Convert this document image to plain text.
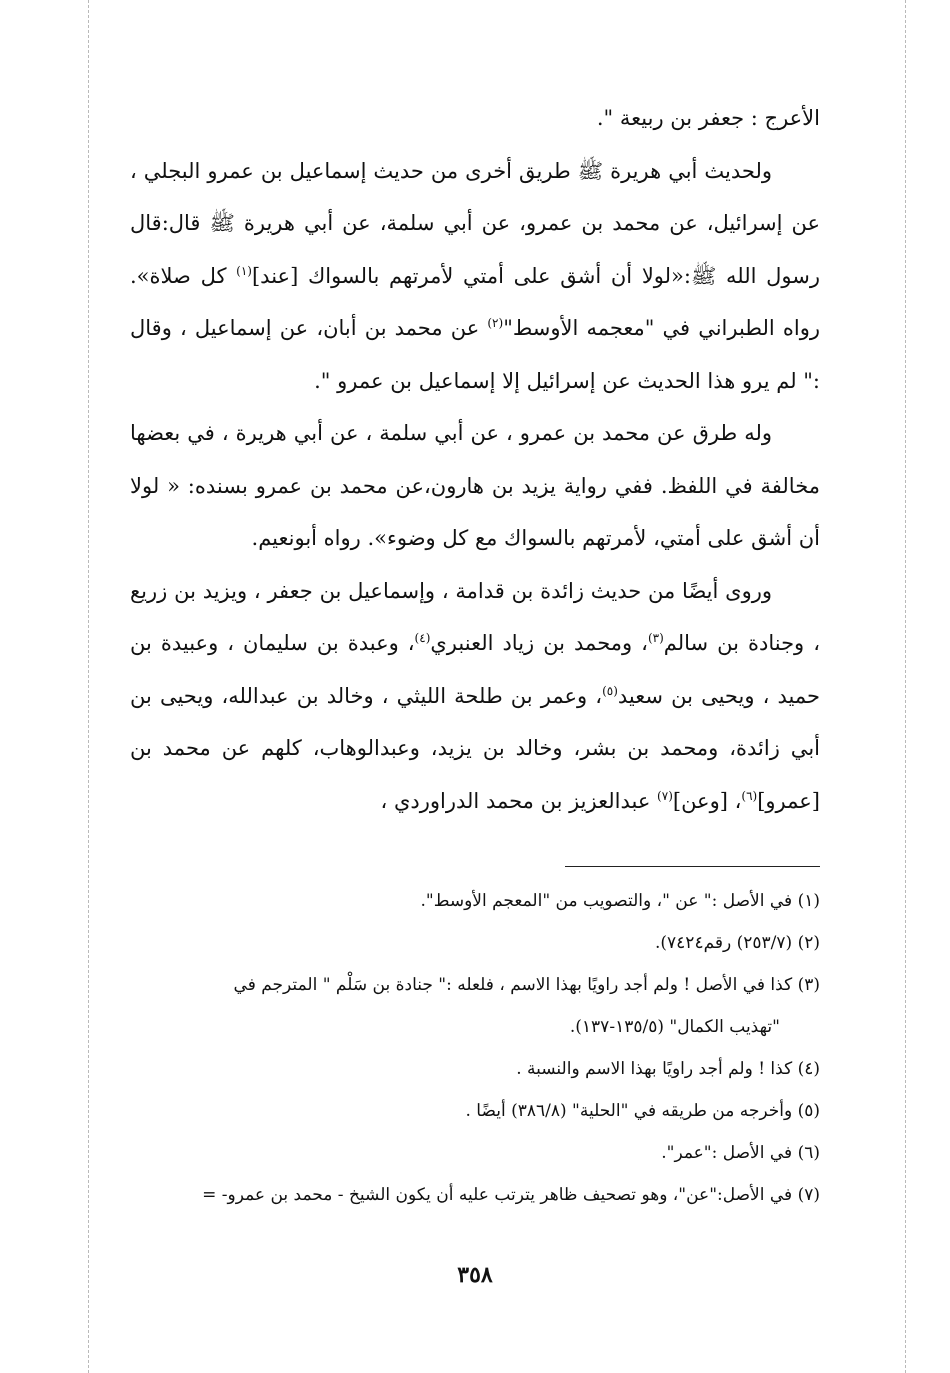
الأعرج : جعفر بن ربيعة ".

ولحديث أبي هريرة ﷺ طريق أخرى من حديث إسماعيل بن عمرو البجلي ، عن إسرائيل، عن محمد بن عمرو، عن أبي سلمة، عن أبي هريرة ﷺ قال:قال رسول الله ﷺ:«لولا أن أشق على أمتي لأمرتهم بالسواك [عند]$^{(١)}$ كل صلاة». رواه الطبراني في "معجمه الأوسط"$^{(٢)}$ عن محمد بن أبان، عن إسماعيل ، وقال :" لم يرو هذا الحديث عن إسرائيل إلا إسماعيل بن عمرو ".

وله طرق عن محمد بن عمرو ، عن أبي سلمة ، عن أبي هريرة ، في بعضها مخالفة في اللفظ. ففي رواية يزيد بن هارون،عن محمد بن عمرو بسنده: « لولا أن أشق على أمتي، لأمرتهم بالسواك مع كل وضوء». رواه أبونعيم.

وروى أيضًا من حديث زائدة بن قدامة ، وإسماعيل بن جعفر ، ويزيد بن زريع ، وجنادة بن سالم$^{(٣)}$، ومحمد بن زياد العنبري$^{(٤)}$، وعبدة بن سليمان ، وعبيدة بن حميد ، ويحيى بن سعيد$^{(٥)}$، وعمر بن طلحة الليثي ، وخالد بن عبدالله، ويحيى بن أبي زائدة، ومحمد بن بشر، وخالد بن يزيد، وعبدالوهاب، كلهم عن محمد بن [عمرو]$^{(٦)}$، [وعن]$^{(٧)}$ عبدالعزيز بن محمد الدراوردي ،

(١) في الأصل :" عن "، والتصويب من "المعجم الأوسط".

(٢) (٢٥٣/٧) رقم٧٤٢٤).

(٣) كذا في الأصل ! ولم أجد راويًا بهذا الاسم ، فلعله :" جنادة بن سَلْم " المترجم في
"تهذيب الكمال" (١٣٥/٥-١٣٧).

(٤) كذا ! ولم أجد راويًا بهذا الاسم والنسبة .

(٥) وأخرجه من طريقه في "الحلية" (٣٨٦/٨) أيضًا .

(٦) في الأصل :"عمر".

(٧) في الأصل:"عن"، وهو تصحيف ظاهر يترتب عليه أن يكون الشيخ - محمد بن عمرو- =

٣٥٨
